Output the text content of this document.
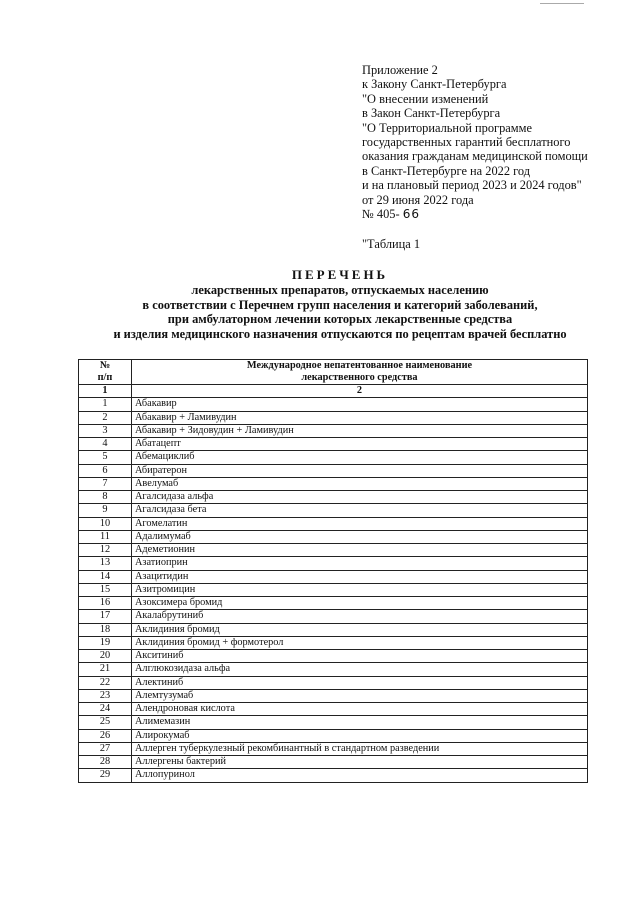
Приложение 2
к Закону Санкт-Петербурга
"О внесении изменений
в Закон Санкт-Петербурга
"О Территориальной программе
государственных гарантий бесплатного
оказания гражданам медицинской помощи
в Санкт-Петербурге на 2022 год
и на плановый период 2023 и 2024 годов"
от 29 июня 2022 года
№ 405- 66
"Таблица 1
ПЕРЕЧЕНЬ
лекарственных препаратов, отпускаемых населению
в соответствии с Перечнем групп населения и категорий заболеваний,
при амбулаторном лечении которых лекарственные средства
и изделия медицинского назначения отпускаются по рецептам врачей бесплатно
№
п/п	Международное непатентованное наименование
лекарственного средства
1	2
1	Абакавир
2	Абакавир + Ламивудин
3	Абакавир + Зидовудин + Ламивудин
4	Абатацепт
5	Абемациклиб
6	Абиратерон
7	Авелумаб
8	Агалсидаза альфа
9	Агалсидаза бета
10	Агомелатин
11	Адалимумаб
12	Адеметионин
13	Азатиоприн
14	Азацитидин
15	Азитромицин
16	Азоксимера бромид
17	Акалабрутиниб
18	Аклидиния бромид
19	Аклидиния бромид + формотерол
20	Акситиниб
21	Алглюкозидаза альфа
22	Алектиниб
23	Алемтузумаб
24	Алендроновая кислота
25	Алимемазин
26	Алирокумаб
27	Аллерген туберкулезный рекомбинантный в стандартном разведении
28	Аллергены бактерий
29	Аллопуринол
